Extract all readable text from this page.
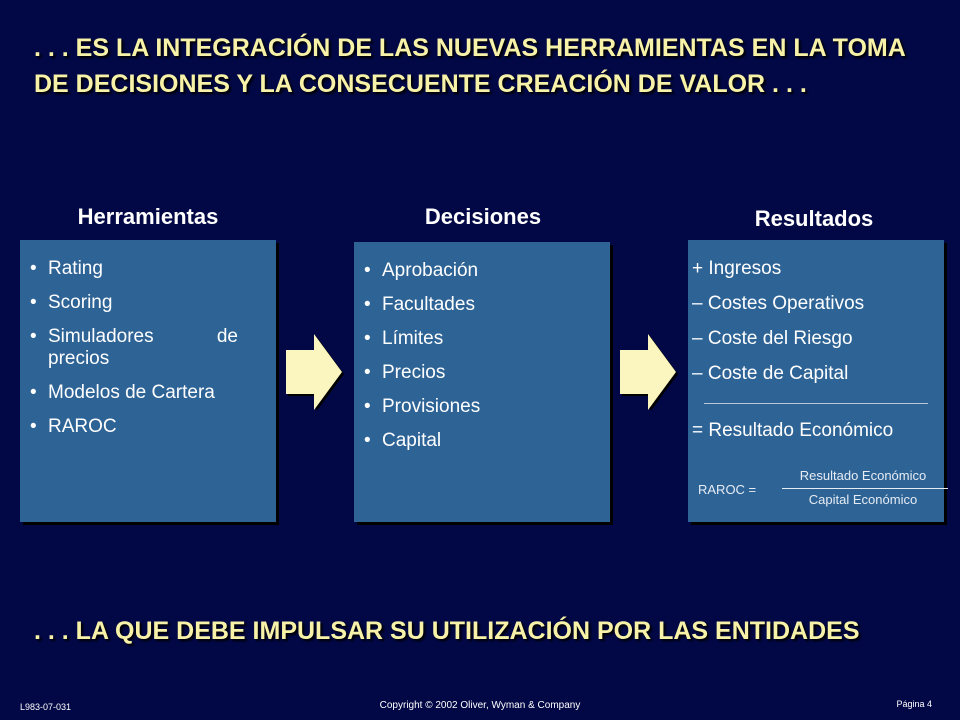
. . . ES LA INTEGRACIÓN DE LAS NUEVAS HERRAMIENTAS EN LA TOMA DE DECISIONES Y LA CONSECUENTE CREACIÓN DE VALOR . . .
Herramientas	Decisiones	Resultados
• Rating
• Scoring
• Simuladores de precios
• Modelos de Cartera
• RAROC
• Aprobación
• Facultades
• Límites
• Precios
• Provisiones
• Capital
+ Ingresos
– Costes Operativos
– Coste del Riesgo
– Coste de Capital
= Resultado Económico
RAROC =
Resultado Económico
Capital Económico
. . . LA QUE DEBE IMPULSAR SU UTILIZACIÓN POR LAS ENTIDADES
L983-07-031	Copyright © 2002 Oliver, Wyman & Company	Página 4
